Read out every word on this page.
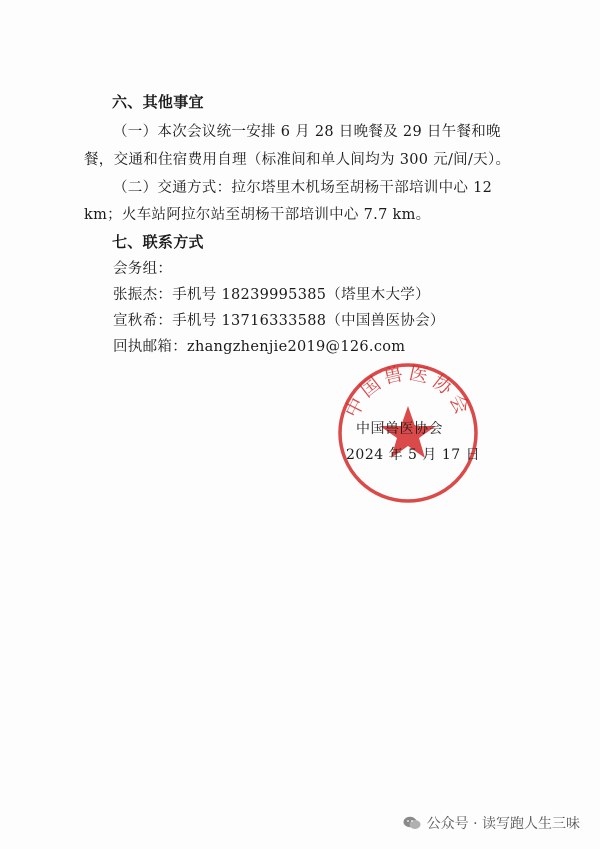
六、其他事宜
（一）本次会议统一安排 6 月 28 日晚餐及 29 日午餐和晚
餐，交通和住宿费用自理（标准间和单人间均为 300 元/间/天）。
（二）交通方式：拉尔塔里木机场至胡杨干部培训中心 12
km；火车站阿拉尔站至胡杨干部培训中心 7.7 km。
七、联系方式
会务组：
张振杰：手机号 18239995385（塔里木大学）
宣秋希：手机号 13716333588（中国兽医协会）
回执邮箱：zhangzhenjie2019@126.com
中国兽医协会
中国兽医协会
2024 年 5 月 17 日
公众号 · 读写跑人生三味
